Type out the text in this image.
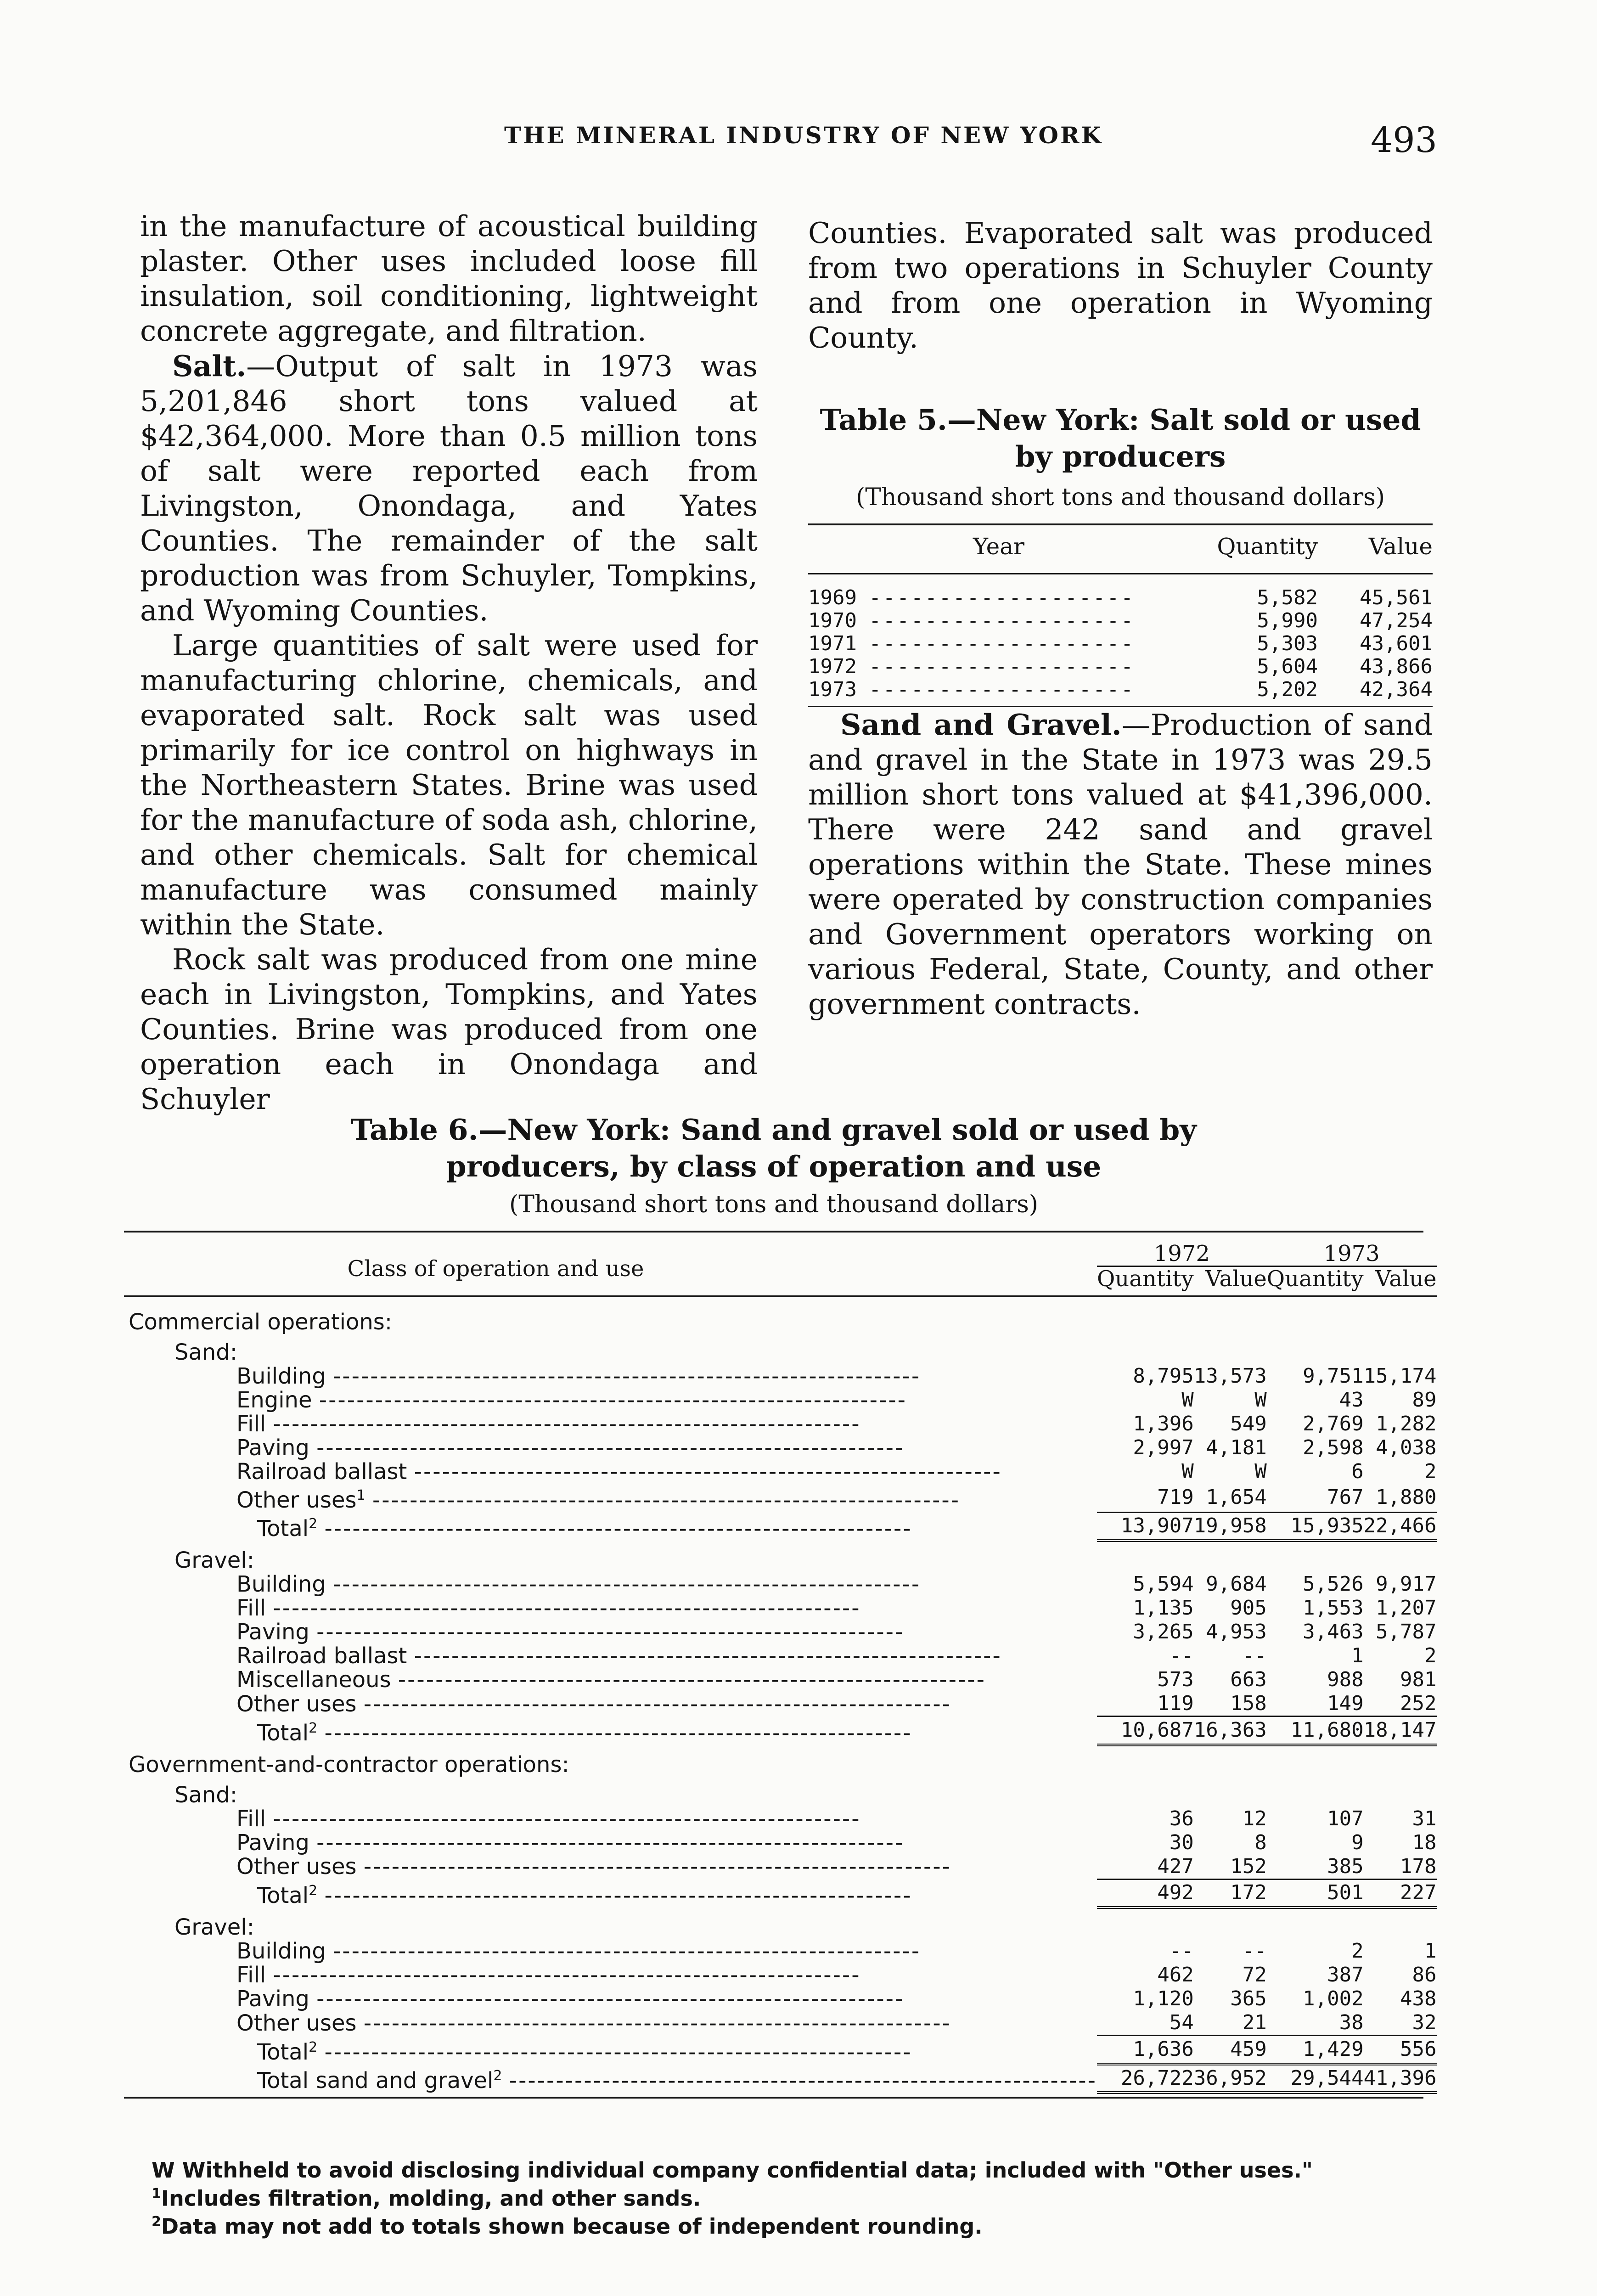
THE MINERAL INDUSTRY OF NEW YORK	493

in the manufacture of acoustical building plaster. Other uses included loose fill insulation, soil conditioning, lightweight concrete aggregate, and filtration.

Salt.—Output of salt in 1973 was 5,201,846 short tons valued at $42,364,000. More than 0.5 million tons of salt were reported each from Livingston, Onondaga, and Yates Counties. The remainder of the salt production was from Schuyler, Tompkins, and Wyoming Counties.

Large quantities of salt were used for manufacturing chlorine, chemicals, and evaporated salt. Rock salt was used primarily for ice control on highways in the Northeastern States. Brine was used for the manufacture of soda ash, chlorine, and other chemicals. Salt for chemical manufacture was consumed mainly within the State.

Rock salt was produced from one mine each in Livingston, Tompkins, and Yates Counties. Brine was produced from one operation each in Onondaga and Schuyler

Counties. Evaporated salt was produced from two operations in Schuyler County and from one operation in Wyoming County.

Table 5.—New York: Salt sold or used
by producers
(Thousand short tons and thousand dollars)
Year	Quantity	Value
1969 -------------------	5,582	45,561
1970 -------------------	5,990	47,254
1971 -------------------	5,303	43,601
1972 -------------------	5,604	43,866
1973 -------------------	5,202	42,364

Sand and Gravel.—Production of sand and gravel in the State in 1973 was 29.5 million short tons valued at $41,396,000. There were 242 sand and gravel operations within the State. These mines were operated by construction companies and Government operators working on various Federal, State, County, and other government contracts.

Table 6.—New York: Sand and gravel sold or used by
producers, by class of operation and use
(Thousand short tons and thousand dollars)
Class of operation and use	1972		1973	
	Quantity	Value	Quantity	Value
Commercial operations:				
Sand:				
Building ---------------------------------------------------------------	8,795	13,573	9,751	15,174
Engine ---------------------------------------------------------------	W	W	43	89
Fill ---------------------------------------------------------------	1,396	549	2,769	1,282
Paving ---------------------------------------------------------------	2,997	4,181	2,598	4,038
Railroad ballast ---------------------------------------------------------------	W	W	6	2
Other uses$^1$ ---------------------------------------------------------------	719	1,654	767	1,880
Total$^2$ ---------------------------------------------------------------	13,907	19,958	15,935	22,466
Gravel:				
Building ---------------------------------------------------------------	5,594	9,684	5,526	9,917
Fill ---------------------------------------------------------------	1,135	905	1,553	1,207
Paving ---------------------------------------------------------------	3,265	4,953	3,463	5,787
Railroad ballast ---------------------------------------------------------------	--	--	1	2
Miscellaneous ---------------------------------------------------------------	573	663	988	981
Other uses ---------------------------------------------------------------	119	158	149	252
Total$^2$ ---------------------------------------------------------------	10,687	16,363	11,680	18,147
Government-and-contractor operations:				
Sand:				
Fill ---------------------------------------------------------------	36	12	107	31
Paving ---------------------------------------------------------------	30	8	9	18
Other uses ---------------------------------------------------------------	427	152	385	178
Total$^2$ ---------------------------------------------------------------	492	172	501	227
Gravel:				
Building ---------------------------------------------------------------	--	--	2	1
Fill ---------------------------------------------------------------	462	72	387	86
Paving ---------------------------------------------------------------	1,120	365	1,002	438
Other uses ---------------------------------------------------------------	54	21	38	32
Total$^2$ ---------------------------------------------------------------	1,636	459	1,429	556
Total sand and gravel$^2$ ---------------------------------------------------------------	26,722	36,952	29,544	41,396

W Withheld to avoid disclosing individual company confidential data; included with "Other uses."

$^1$Includes filtration, molding, and other sands.

$^2$Data may not add to totals shown because of independent rounding.
